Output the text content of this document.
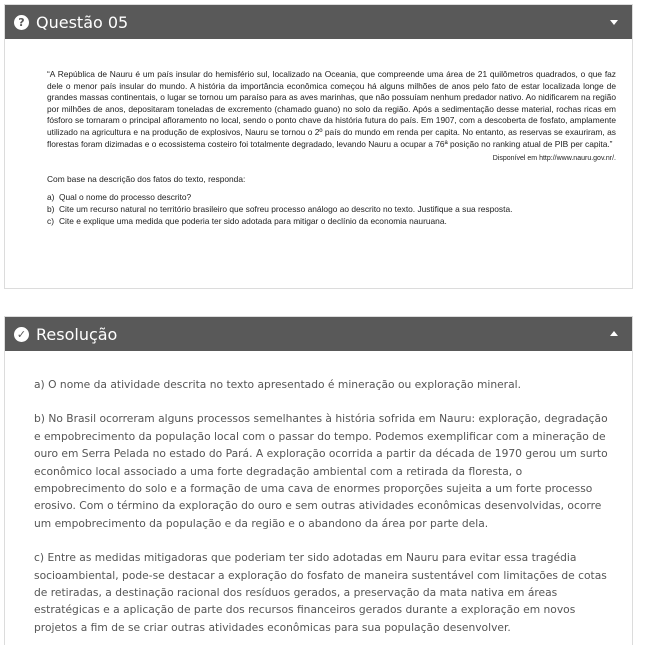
? Questão 05

“A República de Nauru é um país insular do hemisfério sul, localizado na Oceania, que compreende uma área de 21 quilômetros quadrados, o que faz dele o menor país insular do mundo. A história da importância econômica começou há alguns milhões de anos pelo fato de estar localizada longe de grandes massas continentais, o lugar se tornou um paraíso para as aves marinhas, que não possuíam nenhum predador nativo. Ao nidificarem na região por milhões de anos, depositaram toneladas de excremento (chamado guano) no solo da região. Após a sedimentação desse material, rochas ricas em fósforo se tornaram o principal afloramento no local, sendo o ponto chave da história futura do país. Em 1907, com a descoberta de fosfato, amplamente utilizado na agricultura e na produção de explosivos, Nauru se tornou o 2º país do mundo em renda per capita. No entanto, as reservas se exauriram, as florestas foram dizimadas e o ecossistema costeiro foi totalmente degradado, levando Nauru a ocupar a 76ª posição no ranking atual de PIB per capita.”

Disponível em http://www.nauru.gov.nr/.

Com base na descrição dos fatos do texto, responda:

a) Qual o nome do processo descrito?
b) Cite um recurso natural no território brasileiro que sofreu processo análogo ao descrito no texto. Justifique a sua resposta.
c) Cite e explique uma medida que poderia ter sido adotada para mitigar o declínio da economia nauruana.
✓ Resolução

a) O nome da atividade descrita no texto apresentado é mineração ou exploração mineral.

b) No Brasil ocorreram alguns processos semelhantes à história sofrida em Nauru: exploração, degradação e empobrecimento da população local com o passar do tempo. Podemos exemplificar com a mineração de ouro em Serra Pelada no estado do Pará. A exploração ocorrida a partir da década de 1970 gerou um surto econômico local associado a uma forte degradação ambiental com a retirada da floresta, o empobrecimento do solo e a formação de uma cava de enormes proporções sujeita a um forte processo erosivo. Com o término da exploração do ouro e sem outras atividades econômicas desenvolvidas, ocorre um empobrecimento da população e da região e o abandono da área por parte dela.

c) Entre as medidas mitigadoras que poderiam ter sido adotadas em Nauru para evitar essa tragédia socioambiental, pode-se destacar a exploração do fosfato de maneira sustentável com limitações de cotas de retiradas, a destinação racional dos resíduos gerados, a preservação da mata nativa em áreas estratégicas e a aplicação de parte dos recursos financeiros gerados durante a exploração em novos projetos a fim de se criar outras atividades econômicas para sua população desenvolver.
